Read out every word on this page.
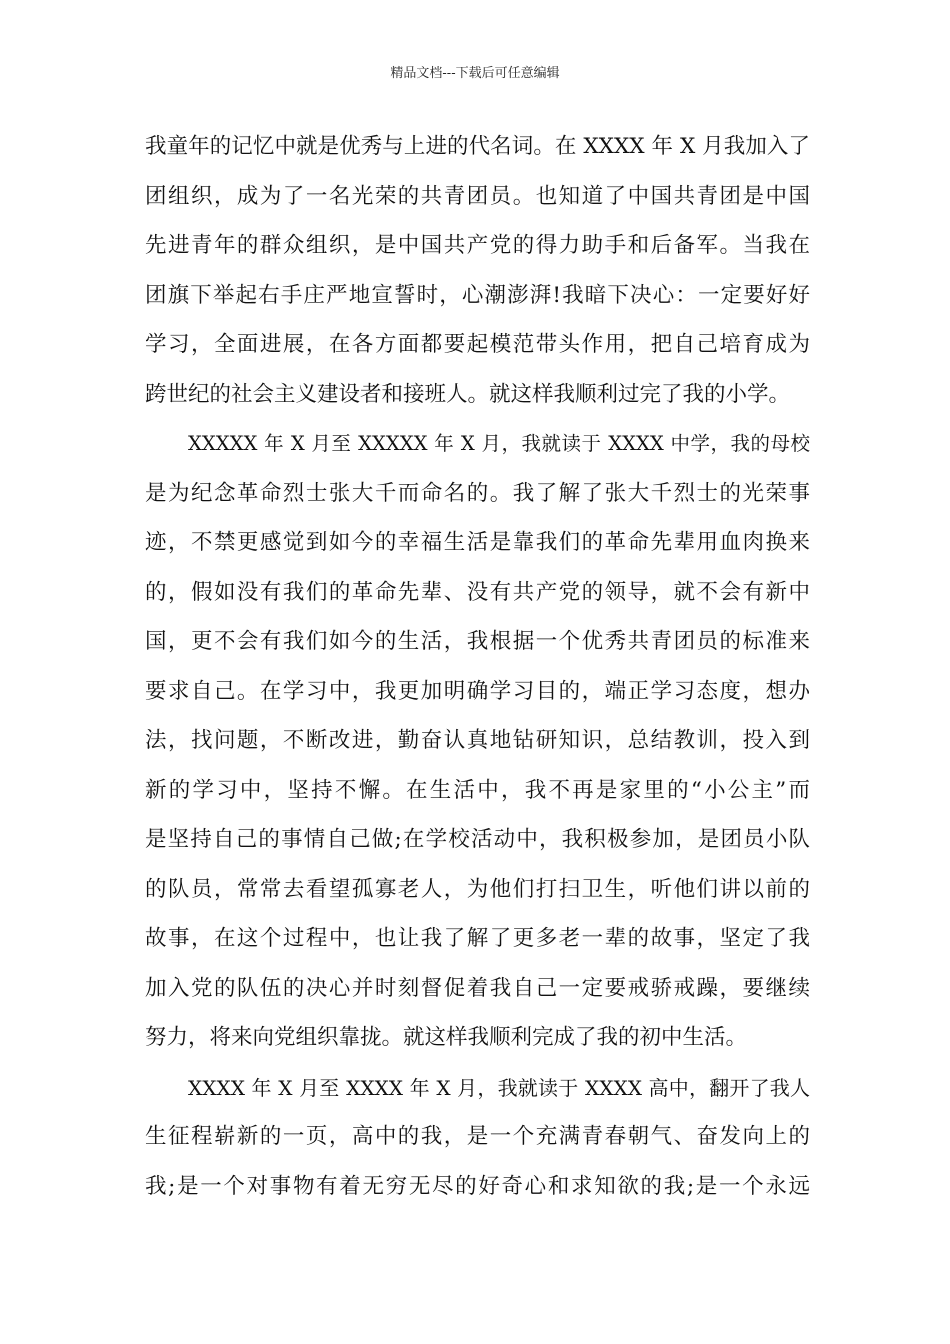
精品文档---下载后可任意编辑
我童年的记忆中就是优秀与上进的代名词。在 XXXX 年 X 月我加入了
团组织，成为了一名光荣的共青团员。也知道了中国共青团是中国
先进青年的群众组织，是中国共产党的得力助手和后备军。当我在
团旗下举起右手庄严地宣誓时，心潮澎湃!我暗下决心：一定要好好
学习，全面进展，在各方面都要起模范带头作用，把自己培育成为
跨世纪的社会主义建设者和接班人。就这样我顺利过完了我的小学。
XXXXX 年 X 月至 XXXXX 年 X 月，我就读于 XXXX 中学，我的母校
是为纪念革命烈士张大千而命名的。我了解了张大千烈士的光荣事
迹，不禁更感觉到如今的幸福生活是靠我们的革命先辈用血肉换来
的，假如没有我们的革命先辈、没有共产党的领导，就不会有新中
国，更不会有我们如今的生活，我根据一个优秀共青团员的标准来
要求自己。在学习中，我更加明确学习目的，端正学习态度，想办
法，找问题，不断改进，勤奋认真地钻研知识，总结教训，投入到
新的学习中，坚持不懈。在生活中，我不再是家里的“小公主”而
是坚持自己的事情自己做;在学校活动中，我积极参加，是团员小队
的队员，常常去看望孤寡老人，为他们打扫卫生，听他们讲以前的
故事，在这个过程中，也让我了解了更多老一辈的故事，坚定了我
加入党的队伍的决心并时刻督促着我自己一定要戒骄戒躁，要继续
努力，将来向党组织靠拢。就这样我顺利完成了我的初中生活。
XXXX 年 X 月至 XXXX 年 X 月，我就读于 XXXX 高中，翻开了我人
生征程崭新的一页，高中的我，是一个充满青春朝气、奋发向上的
我;是一个对事物有着无穷无尽的好奇心和求知欲的我;是一个永远
